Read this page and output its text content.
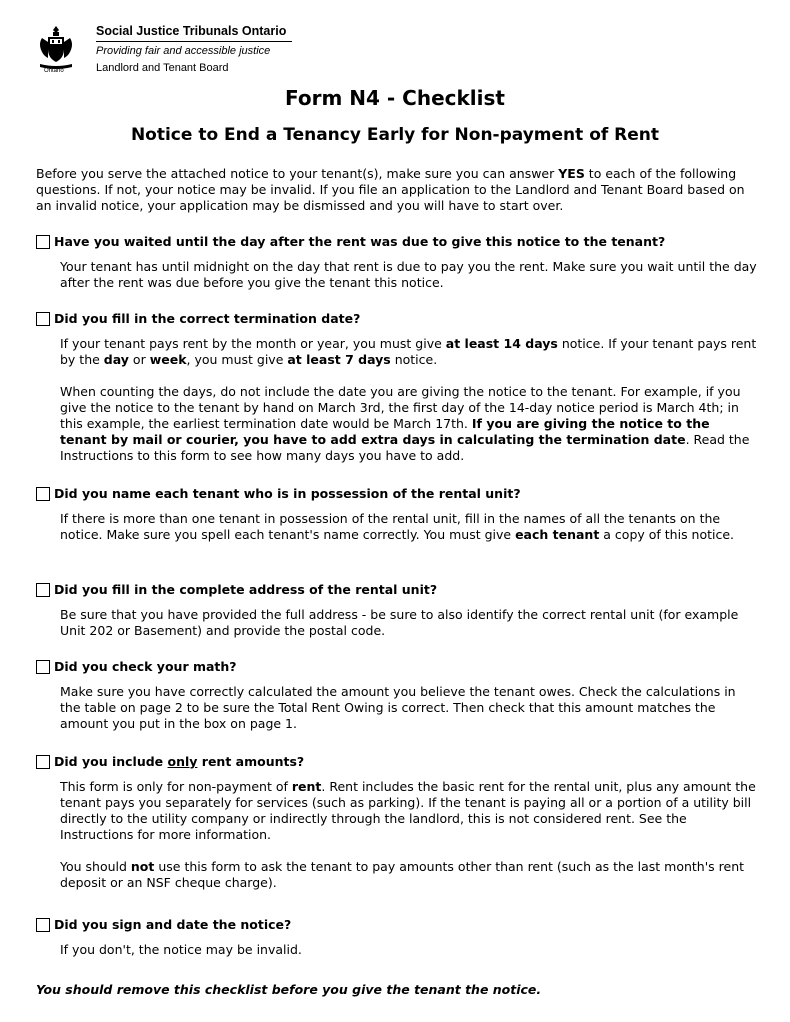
Ontario
Social Justice Tribunals Ontario
Providing fair and accessible justice
Landlord and Tenant Board
Form N4 - Checklist
Notice to End a Tenancy Early for Non-payment of Rent
Before you serve the attached notice to your tenant(s), make sure you can answer YES to each of the following questions. If not, your notice may be invalid. If you file an application to the Landlord and Tenant Board based on an invalid notice, your application may be dismissed and you will have to start over.
Have you waited until the day after the rent was due to give this notice to the tenant?

Your tenant has until midnight on the day that rent is due to pay you the rent. Make sure you wait until the day after the rent was due before you give the tenant this notice.

Did you fill in the correct termination date?

If your tenant pays rent by the month or year, you must give at least 14 days notice. If your tenant pays rent by the day or week, you must give at least 7 days notice.

When counting the days, do not include the date you are giving the notice to the tenant. For example, if you give the notice to the tenant by hand on March 3rd, the first day of the 14-day notice period is March 4th; in this example, the earliest termination date would be March 17th. If you are giving the notice to the tenant by mail or courier, you have to add extra days in calculating the termination date. Read the Instructions to this form to see how many days you have to add.

Did you name each tenant who is in possession of the rental unit?

If there is more than one tenant in possession of the rental unit, fill in the names of all the tenants on the notice. Make sure you spell each tenant's name correctly. You must give each tenant a copy of this notice.

Did you fill in the complete address of the rental unit?

Be sure that you have provided the full address - be sure to also identify the correct rental unit (for example Unit 202 or Basement) and provide the postal code.

Did you check your math?

Make sure you have correctly calculated the amount you believe the tenant owes. Check the calculations in the table on page 2 to be sure the Total Rent Owing is correct. Then check that this amount matches the amount you put in the box on page 1.

Did you include only rent amounts?

This form is only for non-payment of rent. Rent includes the basic rent for the rental unit, plus any amount the tenant pays you separately for services (such as parking). If the tenant is paying all or a portion of a utility bill directly to the utility company or indirectly through the landlord, this is not considered rent. See the Instructions for more information.

You should not use this form to ask the tenant to pay amounts other than rent (such as the last month's rent deposit or an NSF cheque charge).

Did you sign and date the notice?

If you don't, the notice may be invalid.

You should remove this checklist before you give the tenant the notice.
